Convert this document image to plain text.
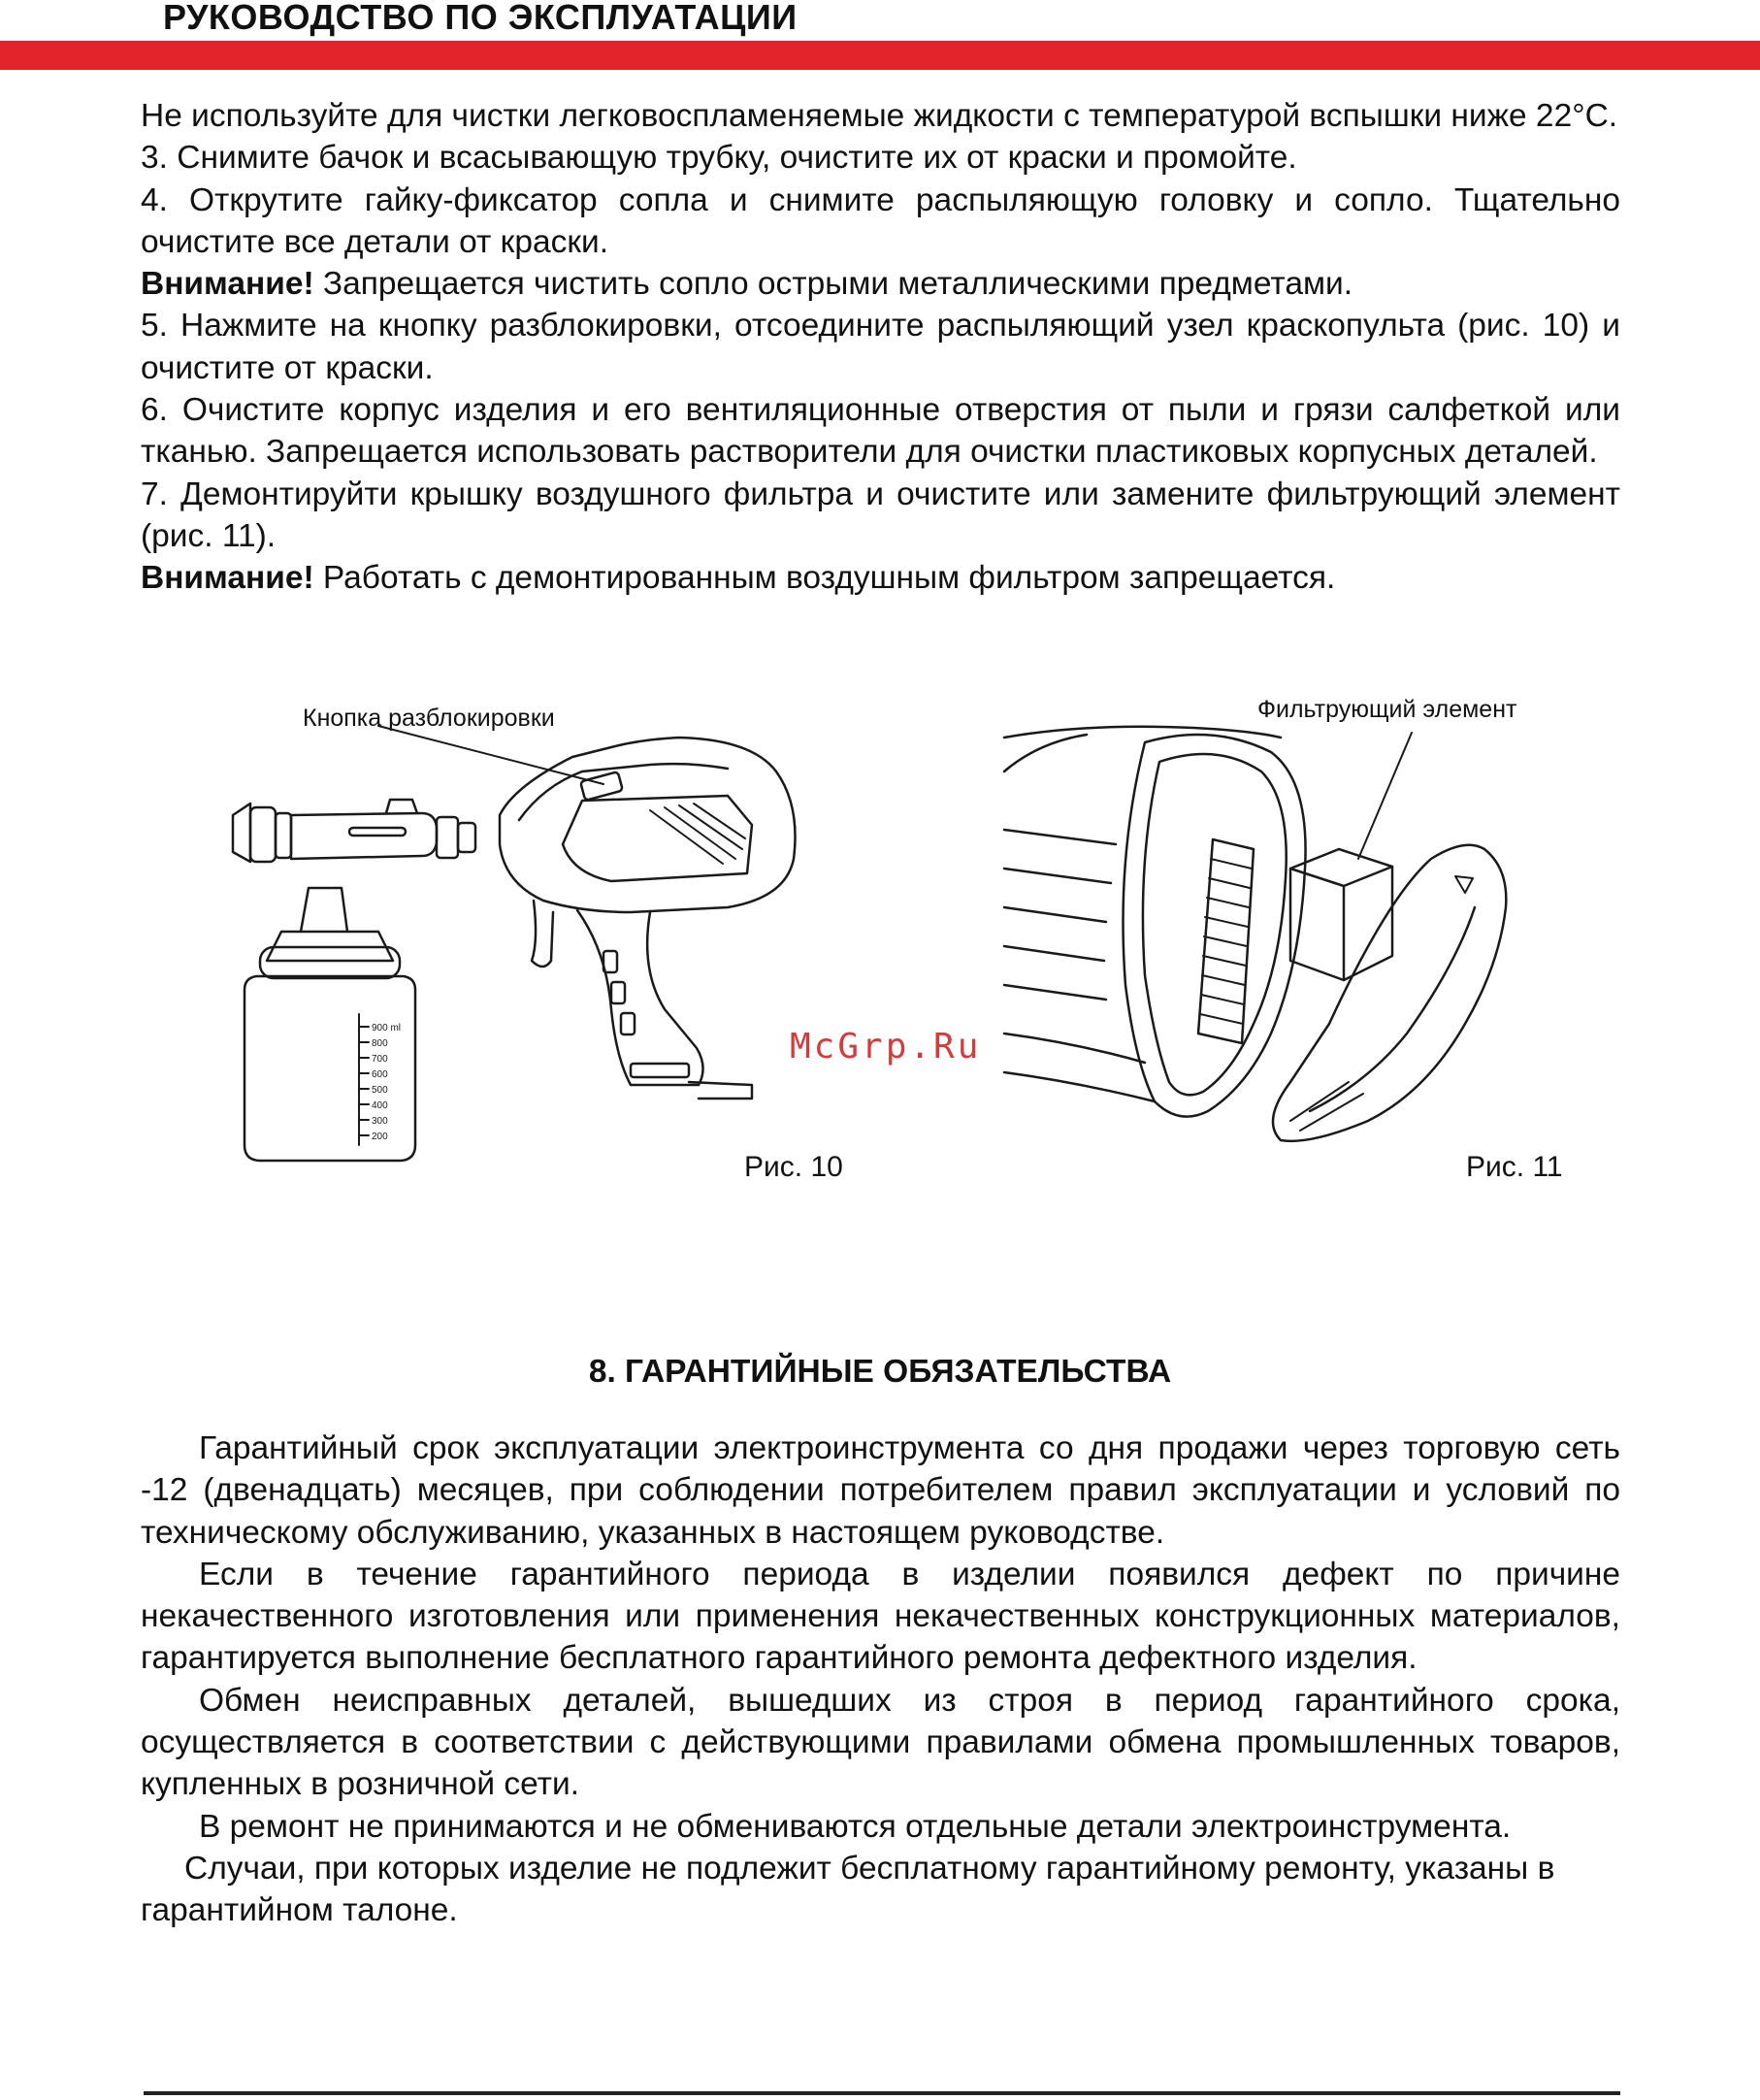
РУКОВОДСТВО ПО ЭКСПЛУАТАЦИИ

Не используйте для чистки легковоспламеняемые жидкости с температурой вспышки ниже 22°С.

3. Снимите бачок и всасывающую трубку, очистите их от краски и промойте.

4. Открутите гайку-фиксатор сопла и снимите распыляющую головку и сопло. Тщательно очистите все детали от краски.

Внимание! Запрещается чистить сопло острыми металлическими предметами.

5. Нажмите на кнопку разблокировки, отсоедините распыляющий узел краскопульта (рис. 10) и очистите от краски.

6. Очистите корпус изделия и его вентиляционные отверстия от пыли и грязи салфеткой или тканью. Запрещается использовать растворители для очистки пластиковых корпусных деталей.

7. Демонтируйти крышку воздушного фильтра и очистите или замените фильтрующий элемент (рис. 11).

Внимание! Работать с демонтированным воздушным фильтром запрещается.

Кнопка разблокировки
900 ml
800
700
600
500
400
300
200
Рис. 10
Фильтрующий элемент
Рис. 11
McGrp.Ru
8. ГАРАНТИЙНЫЕ ОБЯЗАТЕЛЬСТВА

Гарантийный срок эксплуатации электроинструмента со дня продажи через торговую сеть -12 (двенадцать) месяцев, при соблюдении потребителем правил эксплуатации и условий по техническому обслуживанию, указанных в настоящем руководстве.

Если в течение гарантийного периода в изделии появился дефект по причине некачественного изготовления или применения некачественных конструкционных материалов, гарантируется выполнение бесплатного гарантийного ремонта дефектного изделия.

Обмен неисправных деталей, вышедших из строя в период гарантийного срока, осуществляется в соответствии с действующими правилами обмена промышленных товаров, купленных в розничной сети.

В ремонт не принимаются и не обмениваются отдельные детали электроинструмента.

Случаи, при которых изделие не подлежит бесплатному гарантийному ремонту, указаны в гарантийном талоне.
